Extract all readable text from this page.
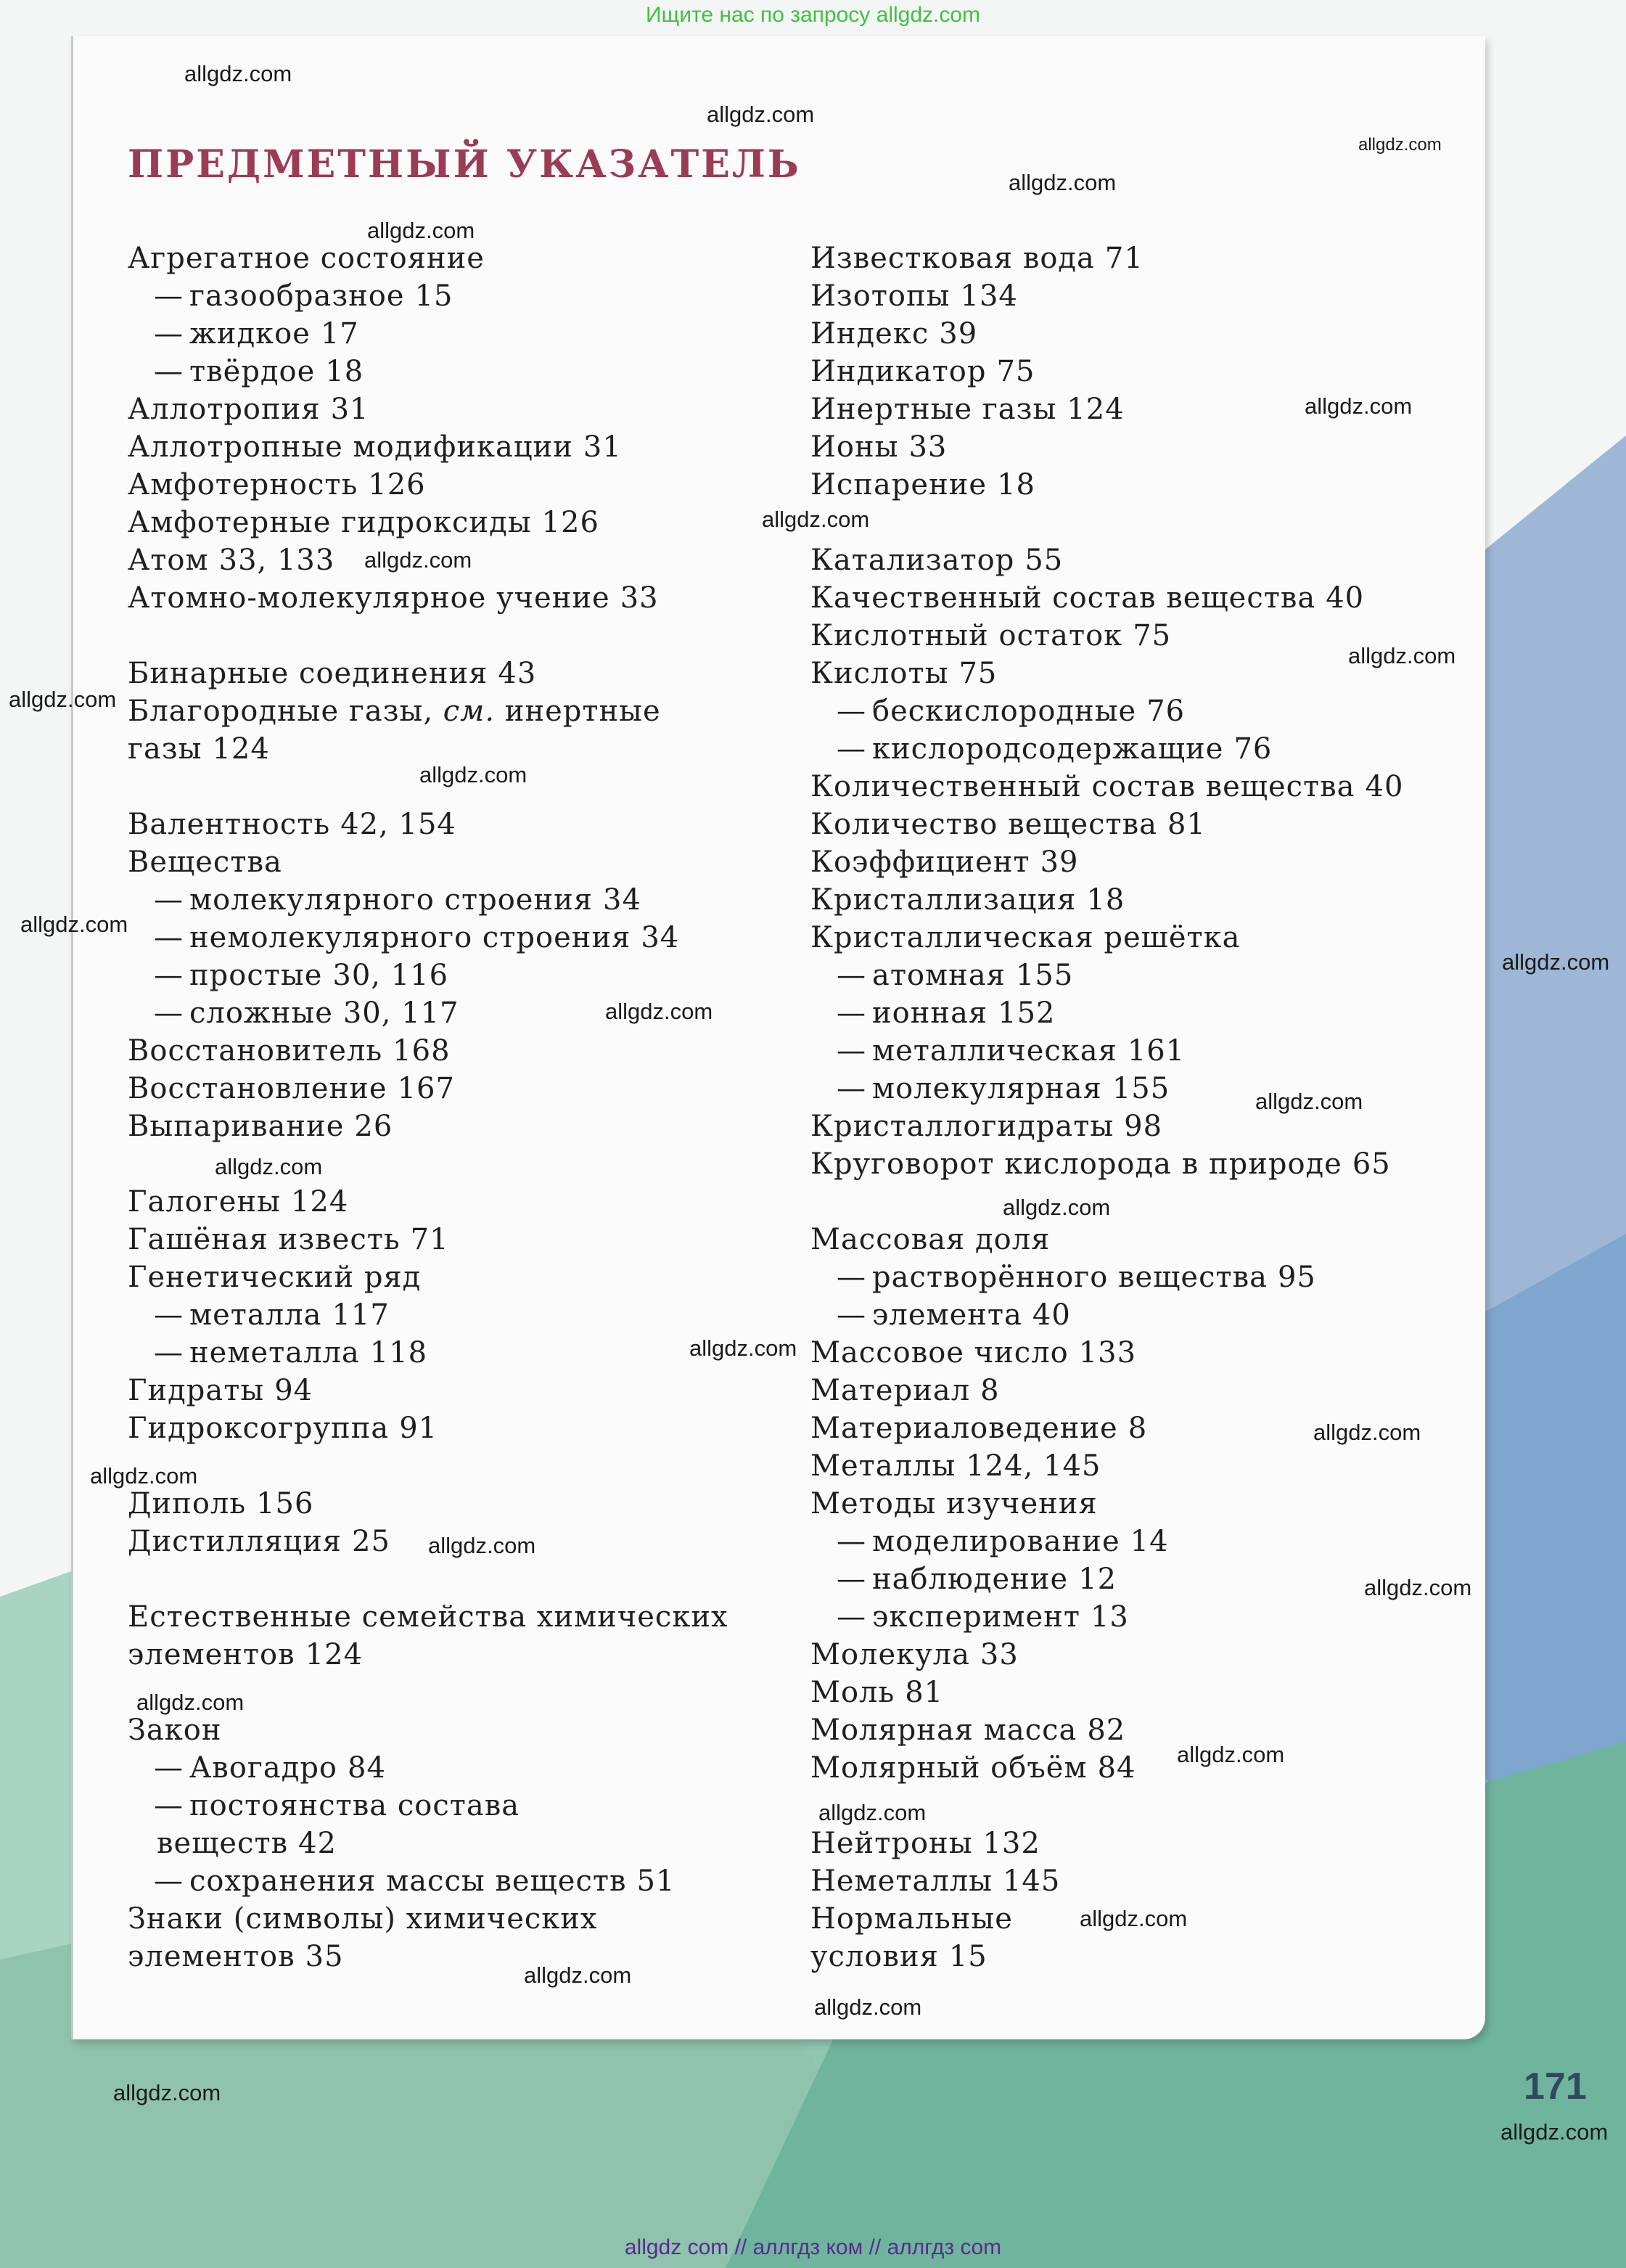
Ищите нас по запросу allgdz.com
ПРЕДМЕТНЫЙ УКАЗАТЕЛЬ
Агрегатное состояние
— газообразное 15
— жидкое 17
— твёрдое 18
Аллотропия 31
Аллотропные модификации 31
Амфотерность 126
Амфотерные гидроксиды 126
Атом 33, 133
Атомно-молекулярное учение 33
Бинарные соединения 43
Благородные газы, см. инертные
газы 124
Валентность 42, 154
Вещества
— молекулярного строения 34
— немолекулярного строения 34
— простые 30, 116
— сложные 30, 117
Восстановитель 168
Восстановление 167
Выпаривание 26
Галогены 124
Гашёная известь 71
Генетический ряд
— металла 117
— неметалла 118
Гидраты 94
Гидроксогруппа 91
Диполь 156
Дистилляция 25
Естественные семейства химических
элементов 124
Закон
— Авогадро 84
— постоянства состава
веществ 42
— сохранения массы веществ 51
Знаки (символы) химических
элементов 35
Известковая вода 71
Изотопы 134
Индекс 39
Индикатор 75
Инертные газы 124
Ионы 33
Испарение 18
Катализатор 55
Качественный состав вещества 40
Кислотный остаток 75
Кислоты 75
— бескислородные 76
— кислородсодержащие 76
Количественный состав вещества 40
Количество вещества 81
Коэффициент 39
Кристаллизация 18
Кристаллическая решётка
— атомная 155
— ионная 152
— металлическая 161
— молекулярная 155
Кристаллогидраты 98
Круговорот кислорода в природе 65
Массовая доля
— растворённого вещества 95
— элемента 40
Массовое число 133
Материал 8
Материаловедение 8
Металлы 124, 145
Методы изучения
— моделирование 14
— наблюдение 12
— эксперимент 13
Молекула 33
Моль 81
Молярная масса 82
Молярный объём 84
Нейтроны 132
Неметаллы 145
Нормальные
условия 15
allgdz.com
allgdz.com
allgdz.com
allgdz.com
allgdz.com
allgdz.com
allgdz.com
allgdz.com
allgdz.com
allgdz.com
allgdz.com
allgdz.com
allgdz.com
allgdz.com
allgdz.com
allgdz.com
allgdz.com
allgdz.com
allgdz.com
allgdz.com
allgdz.com
allgdz.com
allgdz.com
allgdz.com
allgdz.com
allgdz.com
allgdz.com
allgdz.com
allgdz.com
allgdz.com
171
allgdz com // аллгдз ком // аллгдз com
